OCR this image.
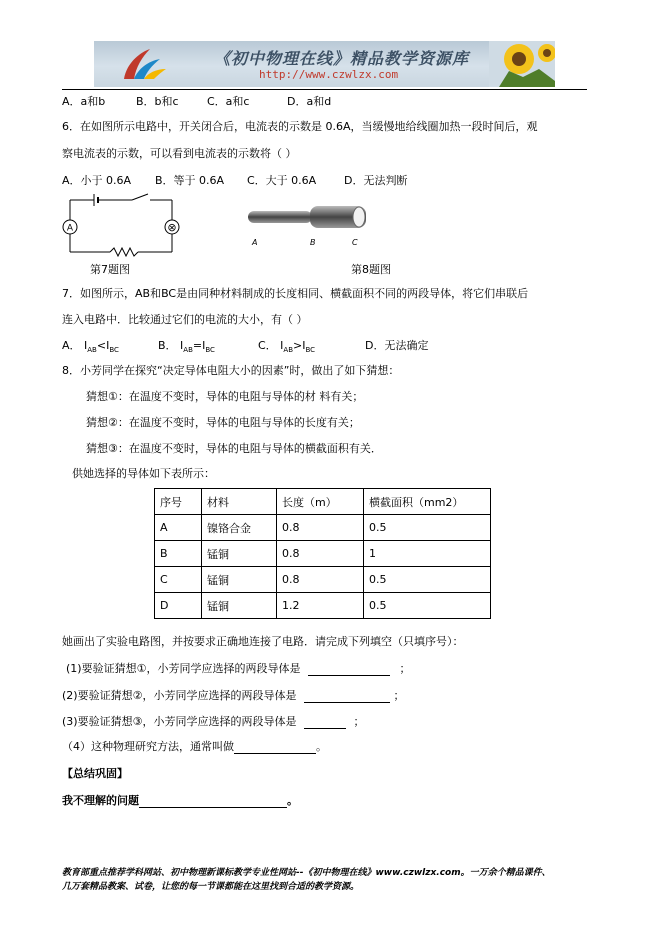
《初中物理在线》精品教学资源库
http://www.czwlzx.com
A．a和b	B．b和c	C．a和c	D．a和d
6．在如图所示电路中，开关闭合后，电流表的示数是 0.6A，当缓慢地给线圈加热一段时间后，观
察电流表的示数，可以看到电流表的示数将（ ）
A．小于 0.6A B．等于 0.6A C．大于 0.6A	D．无法判断
A	⊗
第7题图
A	B	C
第8题图
7．如图所示，AB和BC是由同种材料制成的长度相同、横截面积不同的两段导体，将它们串联后
连入电路中．比较通过它们的电流的大小，有（ ）
A． $I_{AB}<I_{BC}$	B． $I_{AB}=I_{BC}$	C． $I_{AB}>I_{BC}$	D．无法确定
8．小芳同学在探究“决定导体电阻大小的因素”时，做出了如下猜想：
猜想①：在温度不变时，导体的电阻与导体的材 料有关；
猜想②：在温度不变时，导体的电阻与导体的长度有关；
猜想③：在温度不变时，导体的电阻与导体的横截面积有关．
供她选择的导体如下表所示：
序号	材料	长度（m）	横截面积（mm2）
A	镍铬合金	0.8	0.5
B	锰铜	0.8	1
C	锰铜	0.8	0.5
D	锰铜	1.2	0.5
她画出了实验电路图，并按要求正确地连接了电路．请完成下列填空（只填序号）：
(1)要验证猜想①，小芳同学应选择的两段导体是	；
(2)要验证猜想②，小芳同学应选择的两段导体是	；
(3)要验证猜想③，小芳同学应选择的两段导体是	；
（4）这种物理研究方法，通常叫做	。
【总结巩固】
我不理解的问题	。
教育部重点推荐学科网站、初中物理新课标教学专业性网站--《初中物理在线》www.czwlzx.com。一万余个精品课件、
几万套精品教案、试卷，让您的每一节课都能在这里找到合适的教学资源。
